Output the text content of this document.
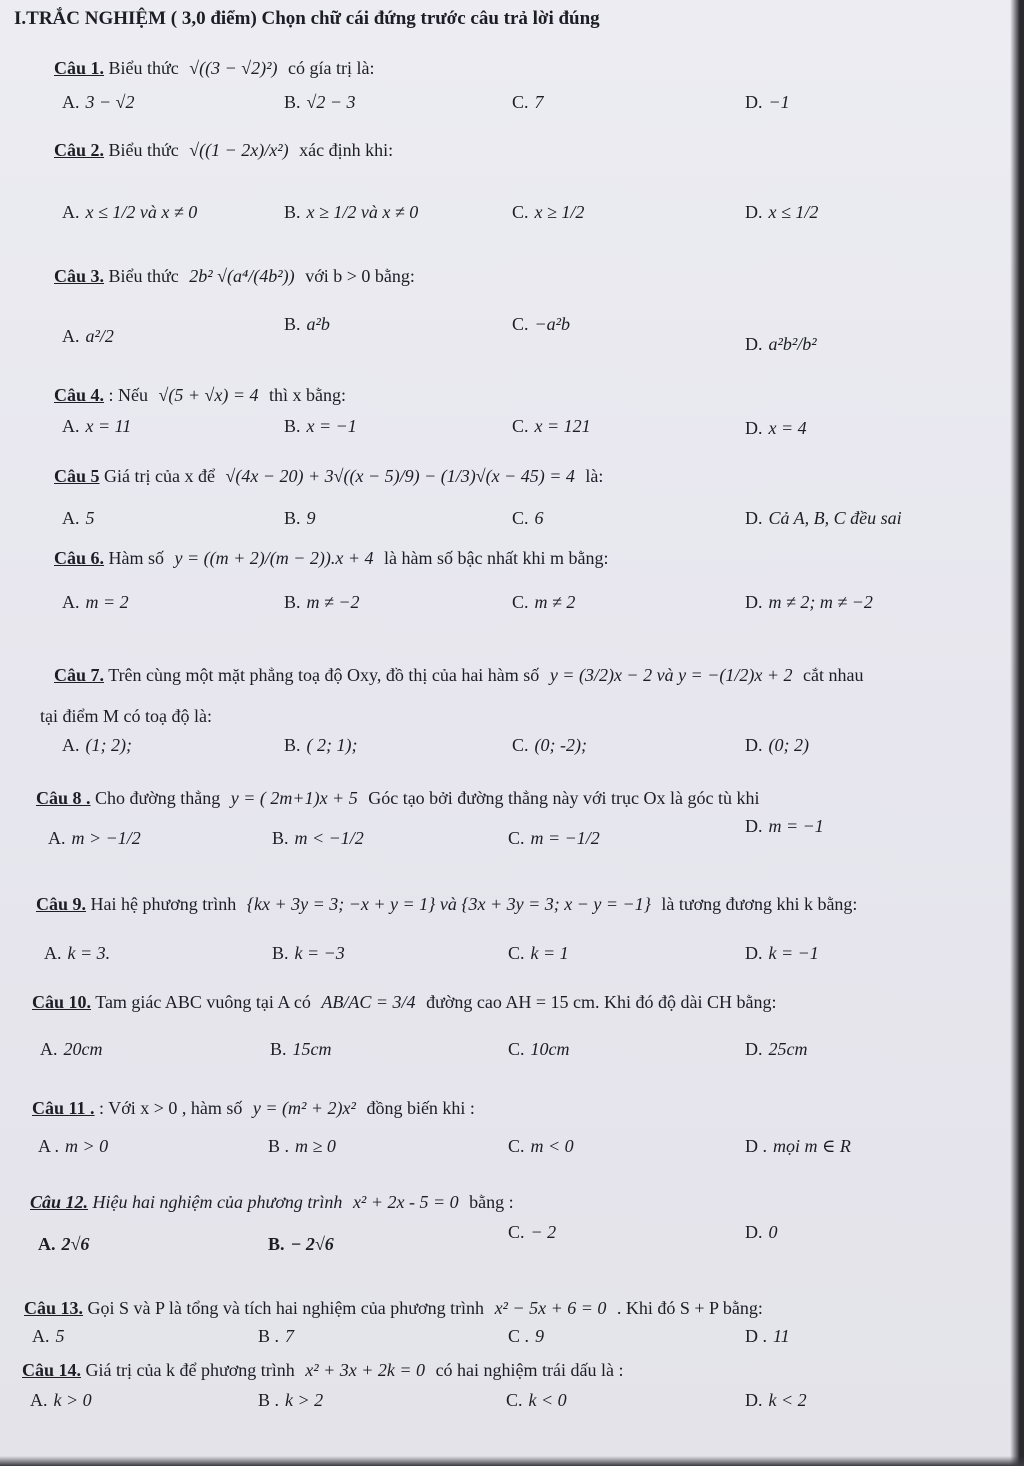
I.TRẮC NGHIỆM ( 3,0 điểm) Chọn chữ cái đứng trước câu trả lời đúng
Câu 1. Biểu thức √((3 − √2)²) có gía trị là:
A. 3 − √2	B. √2 − 3	C. 7	D. −1
Câu 2. Biểu thức √((1 − 2x)/x²) xác định khi:
A. x ≤ 1/2 và x ≠ 0	B. x ≥ 1/2 và x ≠ 0	C. x ≥ 1/2	D. x ≤ 1/2
Câu 3. Biểu thức 2b² √(a⁴/(4b²)) với b > 0 bằng:
A. a²/2
B. a²b	C. −a²b
D. a²b²/b²
Câu 4. : Nếu √(5 + √x) = 4 thì x bằng:
A. x = 11	B. x = −1	C. x = 121	D. x = 4
Câu 5 Giá trị của x để √(4x − 20) + 3√((x − 5)/9) − (1/3)√(x − 45) = 4 là:
A. 5	B. 9	C. 6	D. Cả A, B, C đều sai
Câu 6. Hàm số y = ((m + 2)/(m − 2)).x + 4 là hàm số bậc nhất khi m bằng:
A. m = 2	B. m ≠ −2	C. m ≠ 2	D. m ≠ 2; m ≠ −2
Câu 7. Trên cùng một mặt phẳng toạ độ Oxy, đồ thị của hai hàm số y = (3/2)x − 2 và y = −(1/2)x + 2 cắt nhau
tại điểm M có toạ độ là:
A. (1; 2);	B. ( 2; 1);	C. (0; -2);	D. (0; 2)
Câu 8 . Cho đường thẳng y = ( 2m+1)x + 5 Góc tạo bởi đường thẳng này với trục Ox là góc tù khi
A. m > −1/2	B. m < −1/2	C. m = −1/2
D. m = −1
Câu 9. Hai hệ phương trình {kx + 3y = 3; −x + y = 1} và {3x + 3y = 3; x − y = −1} là tương đương khi k bằng:
A. k = 3.	B. k = −3	C. k = 1	D. k = −1
Câu 10. Tam giác ABC vuông tại A có AB/AC = 3/4 đường cao AH = 15 cm. Khi đó độ dài CH bằng:
A. 20cm	B. 15cm	C. 10cm	D. 25cm
Câu 11 . : Với x > 0 , hàm số y = (m² + 2)x² đồng biến khi :
A . m > 0	B . m ≥ 0	C. m < 0	D . mọi m ∈ R
Câu 12. Hiệu hai nghiệm của phương trình x² + 2x - 5 = 0 bằng :
A. 2√6	B. − 2√6
C. − 2	D. 0
Câu 13. Gọi S và P là tổng và tích hai nghiệm của phương trình x² − 5x + 6 = 0 . Khi đó S + P bằng:
A. 5	B . 7	C . 9	D . 11
Câu 14. Giá trị của k để phương trình x² + 3x + 2k = 0 có hai nghiệm trái dấu là :
A. k > 0	B . k > 2	C. k < 0	D. k < 2
